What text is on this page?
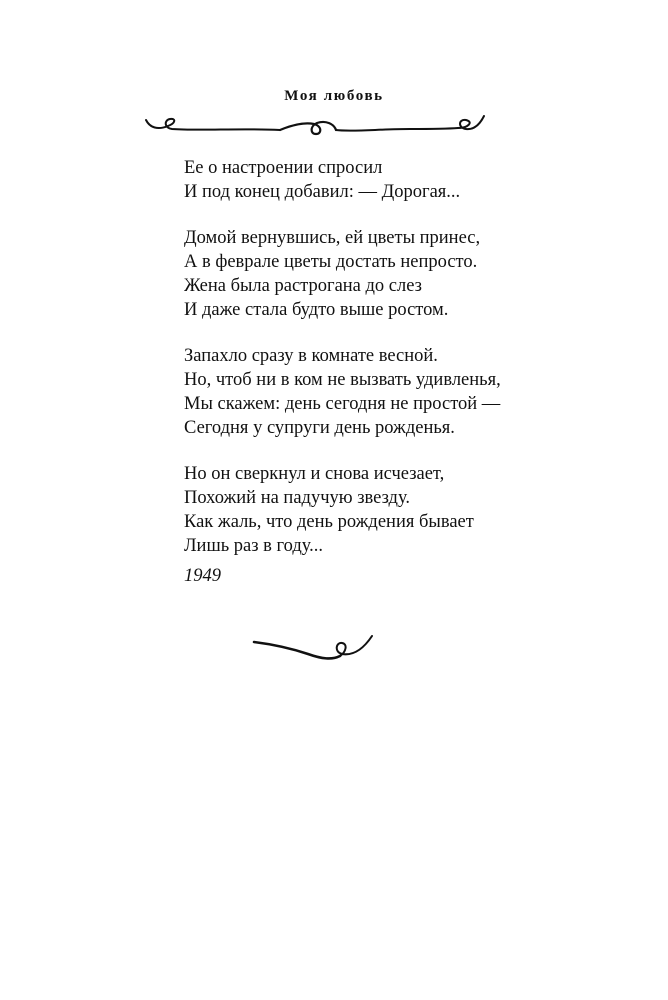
Моя любовь
Ее о настроении спросил
И под конец добавил: — Дорогая...
Домой вернувшись, ей цветы принес,
А в феврале цветы достать непросто.
Жена была растрогана до слез
И даже стала будто выше ростом.
Запахло сразу в комнате весной.
Но, чтоб ни в ком не вызвать удивленья,
Мы скажем: день сегодня не простой —
Сегодня у супруги день рожденья.
Но он сверкнул и снова исчезает,
Похожий на падучую звезду.
Как жаль, что день рождения бывает
Лишь раз в году...
1949
